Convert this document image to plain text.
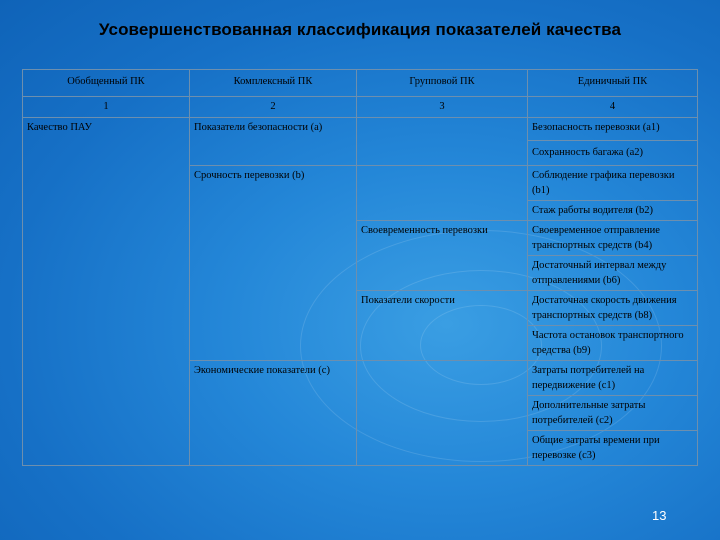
Усовершенствованная классификация показателей качества
Обобщенный ПК	Комплексный ПК	Групповой ПК	Единичный ПК
1	2	3	4
Качество ПАУ	Показатели безопасности (a)		Безопасность перевозки (a1)
			Сохранность багажа (a2)
	Срочность перевозки (b)		Соблюдение графика перевозки (b1)
			Стаж работы водителя (b2)
		Своевременность перевозки	Своевременное отправление транспортных средств (b4)
			Достаточный интервал между отправлениями (b6)
		Показатели скорости	Достаточная скорость движения транспортных средств (b8)
			Частота остановок транспортного средства (b9)
	Экономические показатели (c)		Затраты потребителей на передвижение (c1)
			Дополнительные затраты потребителей (c2)
			Общие затраты времени при перевозке (c3)
13
